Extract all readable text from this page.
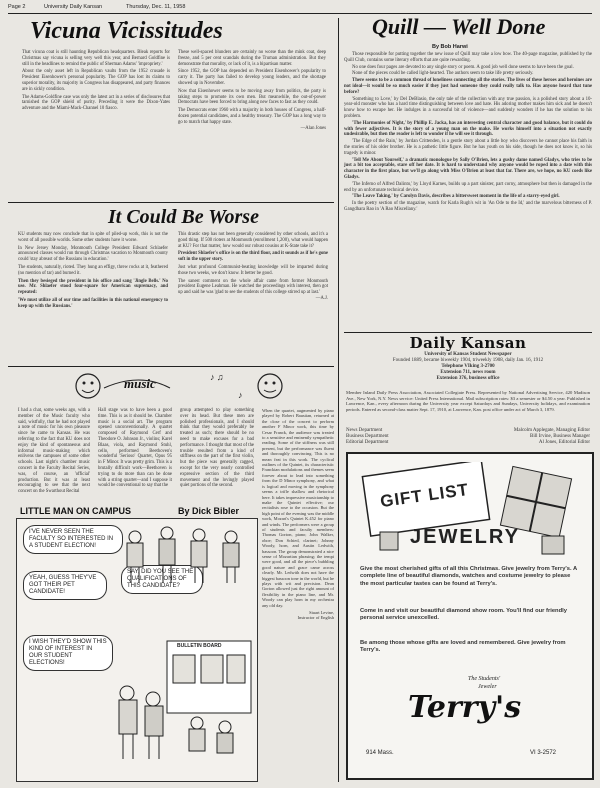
Page 2	University Daily Kansan	Thursday, Dec. 11, 1958
Vicuna Vicissitudes

That vicuna coat is still haunting Republican headquarters. Bleak reports for Christmas say vicuna is selling very well this year, and Bernard Goldfine is still in the headlines to remind the public of Sherman Adams' 'impropriety.'

About the only asset left in Republican vaults from the 1952 crusade is President Eisenhower's personal popularity. The GOP has lost its claims to superior morality, its majority in Congress has disappeared, and party finances are in sickly condition.

The Adams-Goldfine case was only the latest act in a series of disclosures that tarnished the GOP shield of purity. Preceding it were the Dixon-Yates adventure and the Miami-Mack-Channel 10 fiasco.

These well-spaced blunders are certainly no worse than the mink coat, deep freeze, and 5 per cent scandals during the Truman administration. But they demonstrate that morality, or lack of it, is a bipartisan matter.

Since 1952, the GOP has depended on President Eisenhower's popularity to carry it. The party has failed to develop young leaders, and the shortage showed up in November.

Now that Eisenhower seems to be moving away from politics, the party is taking steps to promote its own men. But meanwhile, the out-of-power Democrats have been forced to bring along new faces to fast as they could.

The Democrats enter 1960 with a majority in both houses of Congress, a half-dozen potential candidates, and a healthy treasury. The GOP has a long way to go to match that happy state.

—Alan Jones
It Could Be Worse

KU students may now conclude that in spite of piled-up work, this is not the worst of all possible worlds. Some other students have it worse.

In New Jersey Monday, Monmouth College President Edward Schlaefer announced classes would run through Christmas vacation to Monmouth county could 'stay abreast of the Russians in education.'

The students, naturally, rioted. They hung an effigy, threw rocks at it, feathered (no mention of tar) and burned it.

Then they besieged the president in his office and sang 'Jingle Bells.' No use. Mr. Shlaefer stood four-square for American supremacy, and repeated:

'We must utilize all of our time and facilities in this national emergency to keep up with the Russians.'

This drastic step has not been generally considered by other schools, and it's a good thing. If 500 rioters at Monmouth (enrollment 1,200), what would happen at KU? For that matter, how would our robust cousins at K-State take it?

President Shlaefer's office is on the third floor, and it sounds as if he's gone soft in the upper story.

Just what profound Communist-beating knowledge will be imparted during those two weeks, we don't know. It better be good.

The sanest comment on the whole affair came from former Monmouth president Eugene Leahman. He watched the proceedings with interest, then got up and said he was 'glad to see the students of this college stirred up at last.'

—A.J.
♪ ♫
♪
music
I had a chat, some weeks ago, with a member of the Music faculty who said, wistfully, that he had not played a note of music for his own pleasure since he came to Kansas. He was referring to the fact that KU does not enjoy the kind of spontaneous and informal music-making which enlivens the campuses of some other schools. Last night's chamber music concert in the Faculty Recital Series, was, of course, an 'official' production. But it was at least encouraging to see that the next concert on the Swarthout Recital
Hall stage was to have been a good time. This is as it should be. Chamber music is a social art. The program opened unconventionally. A quartet composed of Raymond Cerf and Theodore O. Johnson Jr., violins; Karel Blaas, viola, and Raymond Stuhl, cello, performed Beethoven's wonderful 'Serioso' Quartet, Opus 95 in F Minor. It was pretty grim. This is a brutally difficult work—Beethoven is trying to do more than can be done with a string quartet—and I suppose it would be conventional to say that the
group attempted to play something over its head. But these men are polished professionals, and I should think that they would preferably be treated as such; there should be no need to make excuses for a bad performance. I thought that most of the trouble resulted from a kind of stiffness on the part of the first violin, but the piece was generally ragged, except for the very nearly controlled expressive section of the third movement and the lovingly played quiet portions of the second.
When the quartet, augmented by piano played by Robert Baustian, returned at the close of the concert to perform another F Minor work, this time by Cesar Franck, the audience was treated to a sensitive and eminently sympathetic reading. Some of the stiffness was still present, but the performance was fluent and thoroughly convincing. This is no mean feat in this work. The cyclical outlines of the Quintet, its characteristic Franckian modulations and themes seem forever about to lead into something from the D Minor symphony, and what is logical and moving in the symphony seems a trifle shallow and rhetorical here. It takes impressive musicianship to make the Quintet effective; our recitalists rose to the occasion. But the high point of the evening was the middle work, Mozart's Quintet K.452 for piano and winds. The performers were a group of students and faculty members: Thomas Gorton, piano; John Walker, oboe; Don Schied, clarinet; Johnny Woody, horn, and Austin Ledwith, bassoon. The group demonstrated a nice sense of Mozartian phrasing; the tempi were good, and all the piece's bubbling good nature and grace came across clearly. Mr. Ledwith does not have the biggest bassoon tone in the world, but he plays with wit and precision. Dean Gorton allowed just the right amount of flexibility in the piano line, and Mr. Woody can play horn in my orchestra any old day.
Stuart Levine,
Instructor of English
LITTLE MAN ON CAMPUS	By Dick Bibler
I'VE NEVER SEEN THE FACULTY SO INTERESTED IN A STUDENT ELECTION!
YEAH, GUESS THEY'VE GOT THEIR PET CANDIDATE!
I WISH THEY'D SHOW THIS KIND OF INTEREST IN OUR STUDENT ELECTIONS!
SAY, DID YOU SEE THE QUALIFICATIONS OF THIS CANDIDATE?
BULLETIN BOARD
Quill — Well Done
By Bob Harwi

Those responsible for putting together the new issue of Quill may take a low bow. The 40-page magazine, published by the Quill Club, contains some literary efforts that are quite rewarding.

No one does four pages are devoted to any single story or poem. A good job well done seems to have been the goal.

None of the pieces could be called light-hearted. The authors seem to take life pretty seriously.

There seems to be a common thread of loneliness connecting all the stories. The lives of these heroes and heroines are not ideal—it would be so much easier if they just had someone they could really talk to. Has anyone heard that tune before?

'Something to Love,' by Del DeBlasio, the only tale of the collection with any true passion, is a polished story about a 10-year-old monster who has a hard time distinguishing between love and hate. His adoring mother makes him sick and he doesn't know how to escape her. He indulges in a successful bit of violence—and suddenly wonders if he has the solution to his problem.

'The Harmonies of Night,' by Phillip E. Jacka, has an interesting central character and good balance, but it could do with fewer adjectives. It is the story of a young man on the make. He works himself into a situation not exactly undesirable, but then the reader is left to wonder if he will see it through.

'The Edge of the Rain,' by Jordan Crittenden, is a gentle story about a little boy who discovers he cannot place his faith in the stories of his older brother. He is a pathetic little figure. But he has youth on his side, though he does not know it, so his tragedy is minor.

'Tell Me About Yourself,' a dramatic monologue by Sally O'Brien, lets a gushy dame named Gladys, who tries to be just a bit too acceptable, stare off her date. It is hard to understand why anyone would be roped into a date with this character in the first place, but we'll go along with Miss O'Brien at least that far. There are, we hope, no KU coeds like Gladys.

'The Inferno of Alfred Dalinto,' by Lloyd Karnes, builds up a part sinister, part corny, atmosphere but then is damaged in the end by an unfortunate technical device.

'The Leave Taking,' by Carolyn Davis, describes a bittersweet moment in the life of a starry-eyed girl.

In the poetry section of the magazine, watch for Karla Rugh's wit in 'An Ode to the Id,' and the marvelous bitterness of P. Gangdhara Rao in 'A Rao Miscellany.'

Daily Kansan
University of Kansas Student Newspaper
Founded 1889, became biweekly 1904, triweekly 1908, daily Jan. 16, 1912
Telephone VIking 3-2700
Extension 711, news room
Extension 376, business office
Member Inland Daily Press Association, Associated Collegiate Press. Represented by National Advertising Service, 420 Madison Ave., New York, N.Y. News service: United Press International. Mail subscription rates: $3 a semester or $4.50 a year. Published in Lawrence, Kan., every afternoon during the University year except Saturdays and Sundays, University holidays, and examination periods. Entered as second-class matter Sept. 17, 1910, at Lawrence, Kan. post office under act of March 3, 1879.
News Department	Malcolm Applegate, Managing Editor
Business Department	Bill Irvine, Business Manager
Editorial Department	Al Jones, Editorial Editor
GIFT LIST
JEWELRY
Give the most cherished gifts of all this Christmas. Give jewelry from Terry's. A complete line of beautiful diamonds, watches and costume jewelry to please the most particular tastes can be found at Terry's.
Come in and visit our beautiful diamond show room. You'll find our friendly personal service unexcelled.
Be among those whose gifts are loved and remembered. Give jewelry from Terry's.
The Students'
Jeweler
Terry's
914 Mass.	VI 3-2572
